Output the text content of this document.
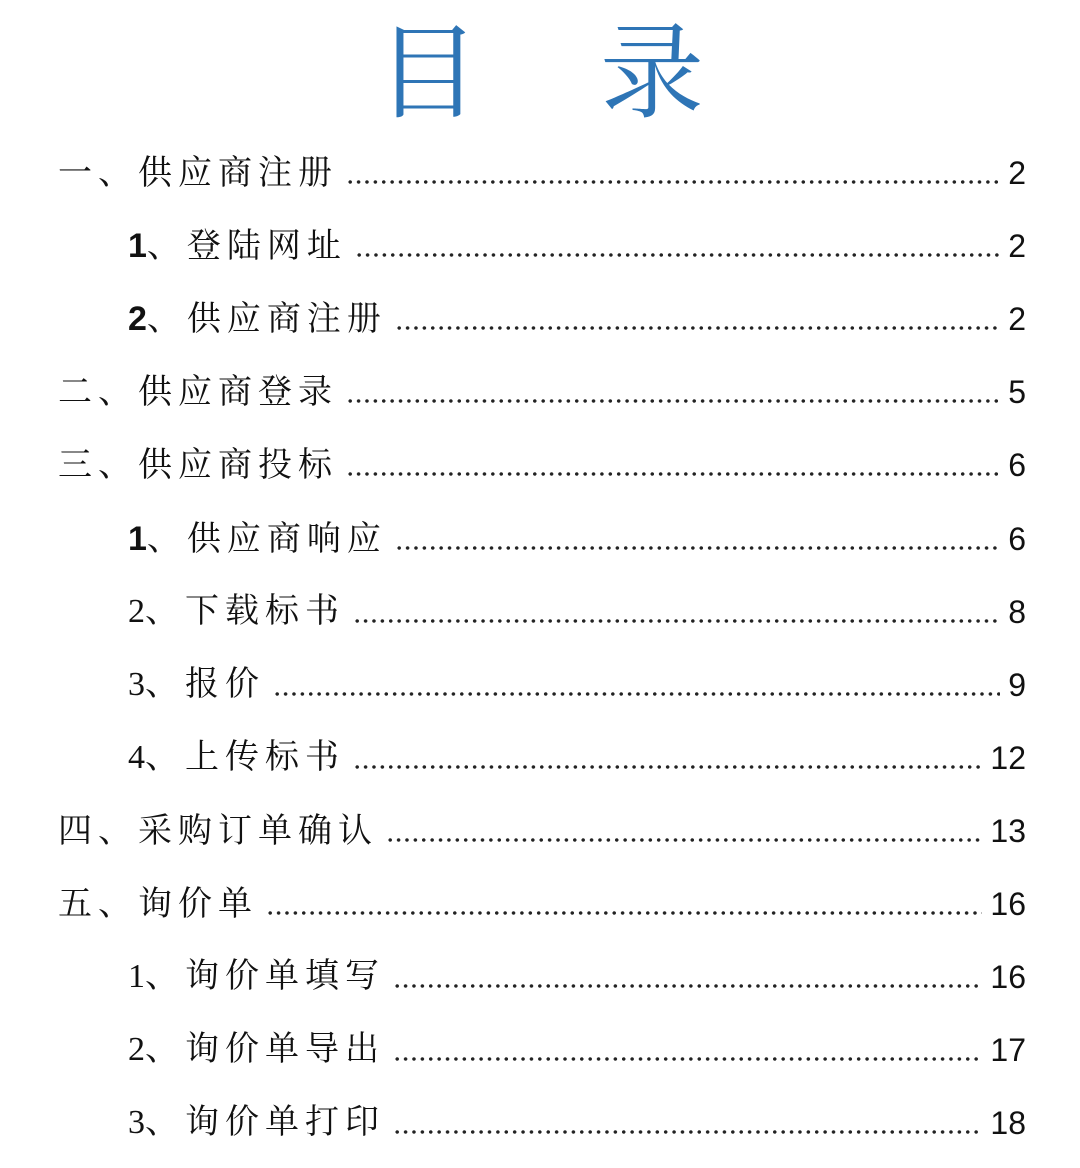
目 录
一、供应商注册	2
1、登陆网址	2
2、供应商注册	2
二、供应商登录	5
三、供应商投标	6
1、供应商响应	6
2、下载标书	8
3、报价	9
4、上传标书	12
四、采购订单确认	13
五、询价单	16
1、询价单填写	16
2、询价单导出	17
3、询价单打印	18
